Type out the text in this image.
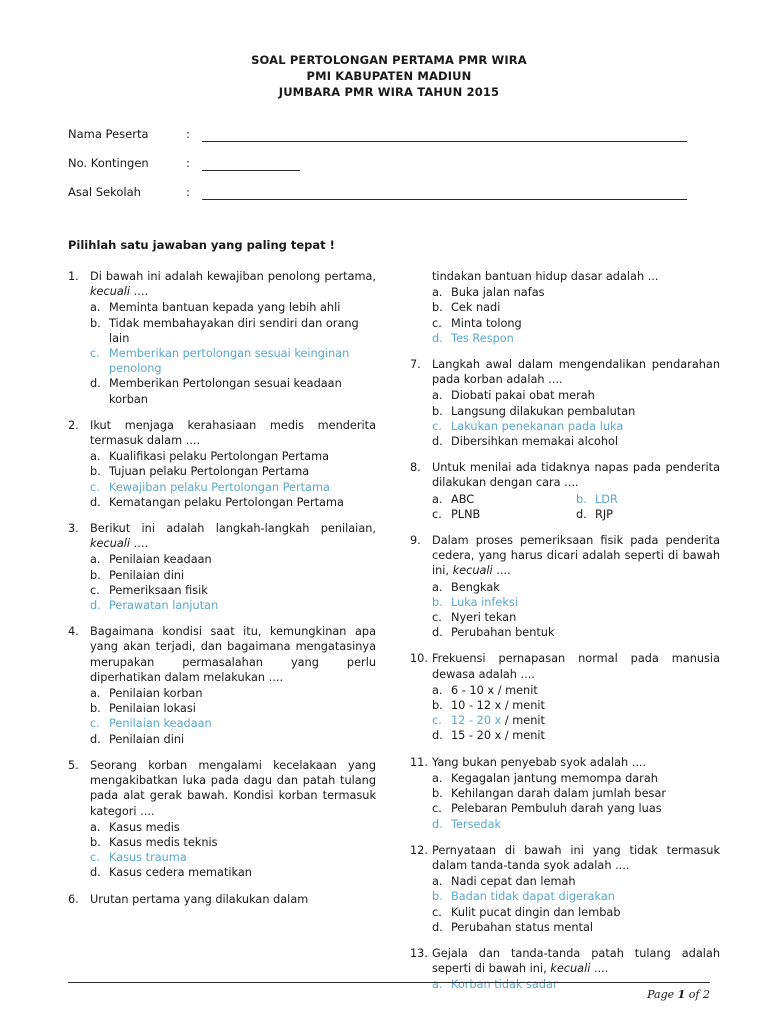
SOAL PERTOLONGAN PERTAMA PMR WIRA
PMI KABUPATEN MADIUN
JUMBARA PMR WIRA TAHUN 2015
Nama Peserta	:
No. Kontingen	:
Asal Sekolah	:
Pilihlah satu jawaban yang paling tepat !
1. Di bawah ini adalah kewajiban penolong pertama, kecuali ....
a. Meminta bantuan kepada yang lebih ahli
b. Tidak membahayakan diri sendiri dan orang lain
c. Memberikan pertolongan sesuai keinginan penolong
d. Memberikan Pertolongan sesuai keadaan korban
2. Ikut menjaga kerahasiaan medis menderita termasuk dalam ....
a. Kualifikasi pelaku Pertolongan Pertama
b. Tujuan pelaku Pertolongan Pertama
c. Kewajiban pelaku Pertolongan Pertama
d. Kematangan pelaku Pertolongan Pertama
3. Berikut ini adalah langkah-langkah penilaian, kecuali ....
a. Penilaian keadaan
b. Penilaian dini
c. Pemeriksaan fisik
d. Perawatan lanjutan
4. Bagaimana kondisi saat itu, kemungkinan apa yang akan terjadi, dan bagaimana mengatasinya merupakan permasalahan yang perlu diperhatikan dalam melakukan ....
a. Penilaian korban
b. Penilaian lokasi
c. Penilaian keadaan
d. Penilaian dini
5. Seorang korban mengalami kecelakaan yang mengakibatkan luka pada dagu dan patah tulang pada alat gerak bawah. Kondisi korban termasuk kategori ....
a. Kasus medis
b. Kasus medis teknis
c. Kasus trauma
d. Kasus cedera mematikan
6. Urutan pertama yang dilakukan dalam

tindakan bantuan hidup dasar adalah ...
a. Buka jalan nafas
b. Cek nadi
c. Minta tolong
d. Tes Respon
7. Langkah awal dalam mengendalikan pendarahan pada korban adalah ....
a. Diobati pakai obat merah
b. Langsung dilakukan pembalutan
c. Lakukan penekanan pada luka
d. Dibersihkan memakai alcohol
8. Untuk menilai ada tidaknya napas pada penderita dilakukan dengan cara ....
a. ABC	b. LDR
c. PLNB	d. RJP
9. Dalam proses pemeriksaan fisik pada penderita cedera, yang harus dicari adalah seperti di bawah ini, kecuali ....
a. Bengkak
b. Luka infeksi
c. Nyeri tekan
d. Perubahan bentuk
10. Frekuensi pernapasan normal pada manusia dewasa adalah ....
a. 6 - 10 x / menit
b. 10 - 12 x / menit
c. 12 - 20 x / menit
d. 15 - 20 x / menit
11. Yang bukan penyebab syok adalah ....
a. Kegagalan jantung memompa darah
b. Kehilangan darah dalam jumlah besar
c. Pelebaran Pembuluh darah yang luas
d. Tersedak
12. Pernyataan di bawah ini yang tidak termasuk dalam tanda-tanda syok adalah ....
a. Nadi cepat dan lemah
b. Badan tidak dapat digerakan
c. Kulit pucat dingin dan lembab
d. Perubahan status mental
13. Gejala dan tanda-tanda patah tulang adalah seperti di bawah ini, kecuali ....
a. Korban tidak sadar
Page 1 of 2
